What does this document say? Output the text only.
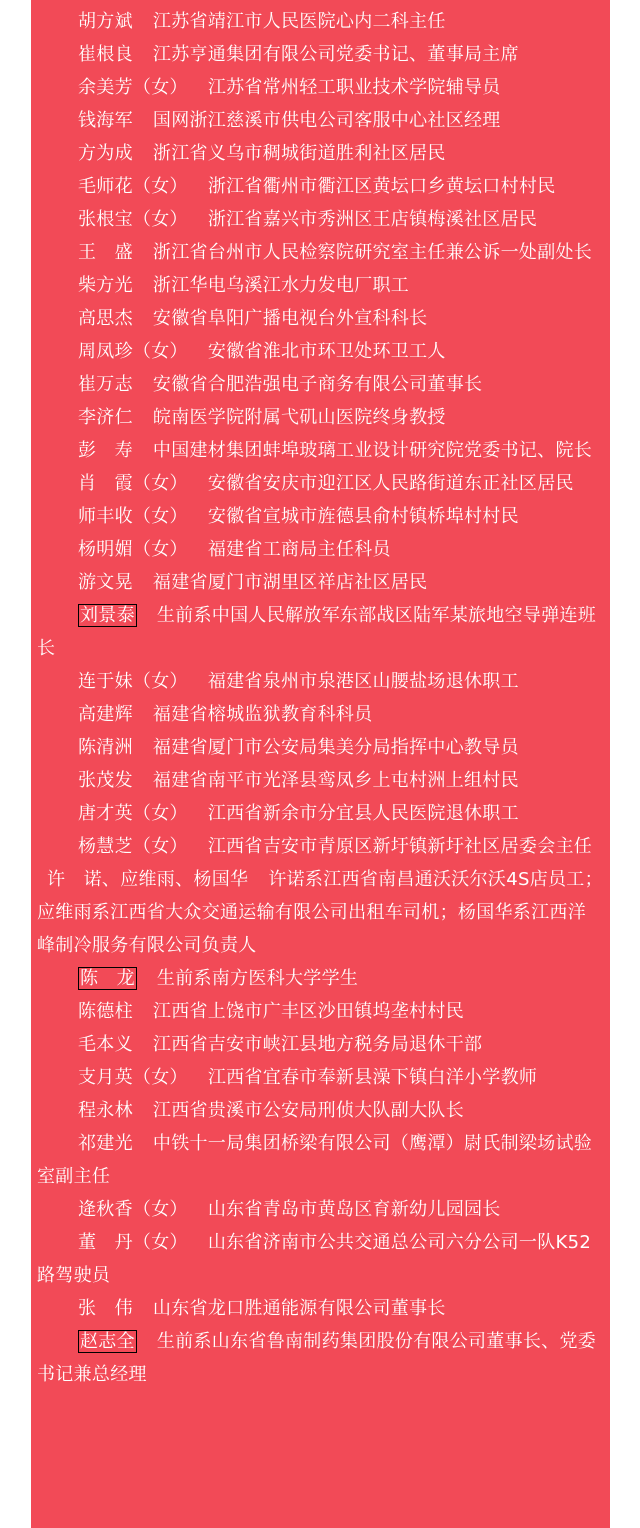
胡方斌 江苏省靖江市人民医院心内二科主任
崔根良 江苏亨通集团有限公司党委书记、董事局主席
余美芳（女） 江苏省常州轻工职业技术学院辅导员
钱海军 国网浙江慈溪市供电公司客服中心社区经理
方为成 浙江省义乌市稠城街道胜利社区居民
毛师花（女） 浙江省衢州市衢江区黄坛口乡黄坛口村村民
张根宝（女） 浙江省嘉兴市秀洲区王店镇梅溪社区居民
王　盛 浙江省台州市人民检察院研究室主任兼公诉一处副处长
柴方光 浙江华电乌溪江水力发电厂职工
高思杰 安徽省阜阳广播电视台外宣科科长
周凤珍（女） 安徽省淮北市环卫处环卫工人
崔万志 安徽省合肥浩强电子商务有限公司董事长
李济仁 皖南医学院附属弋矶山医院终身教授
彭　寿 中国建材集团蚌埠玻璃工业设计研究院党委书记、院长
肖　霞（女） 安徽省安庆市迎江区人民路街道东正社区居民
师丰收（女） 安徽省宣城市旌德县俞村镇桥埠村村民
杨明媚（女） 福建省工商局主任科员
游文晃 福建省厦门市湖里区祥店社区居民
刘景泰 生前系中国人民解放军东部战区陆军某旅地空导弹连班长
连于妹（女） 福建省泉州市泉港区山腰盐场退休职工
高建辉 福建省榕城监狱教育科科员
陈清洲 福建省厦门市公安局集美分局指挥中心教导员
张茂发 福建省南平市光泽县鸾凤乡上屯村洲上组村民
唐才英（女） 江西省新余市分宜县人民医院退休职工
杨慧芝（女） 江西省吉安市青原区新圩镇新圩社区居委会主任
许　诺、应维雨、杨国华 许诺系江西省南昌通沃沃尔沃4S店员工；应维雨系江西省大众交通运输有限公司出租车司机；杨国华系江西洋峰制冷服务有限公司负责人
陈　龙 生前系南方医科大学学生
陈德柱 江西省上饶市广丰区沙田镇坞垄村村民
毛本义 江西省吉安市峡江县地方税务局退休干部
支月英（女） 江西省宜春市奉新县澡下镇白洋小学教师
程永林 江西省贵溪市公安局刑侦大队副大队长
祁建光 中铁十一局集团桥梁有限公司（鹰潭）尉氏制梁场试验室副主任
逄秋香（女） 山东省青岛市黄岛区育新幼儿园园长
董　丹（女） 山东省济南市公共交通总公司六分公司一队K52路驾驶员
张　伟 山东省龙口胜通能源有限公司董事长
赵志全 生前系山东省鲁南制药集团股份有限公司董事长、党委书记兼总经理
